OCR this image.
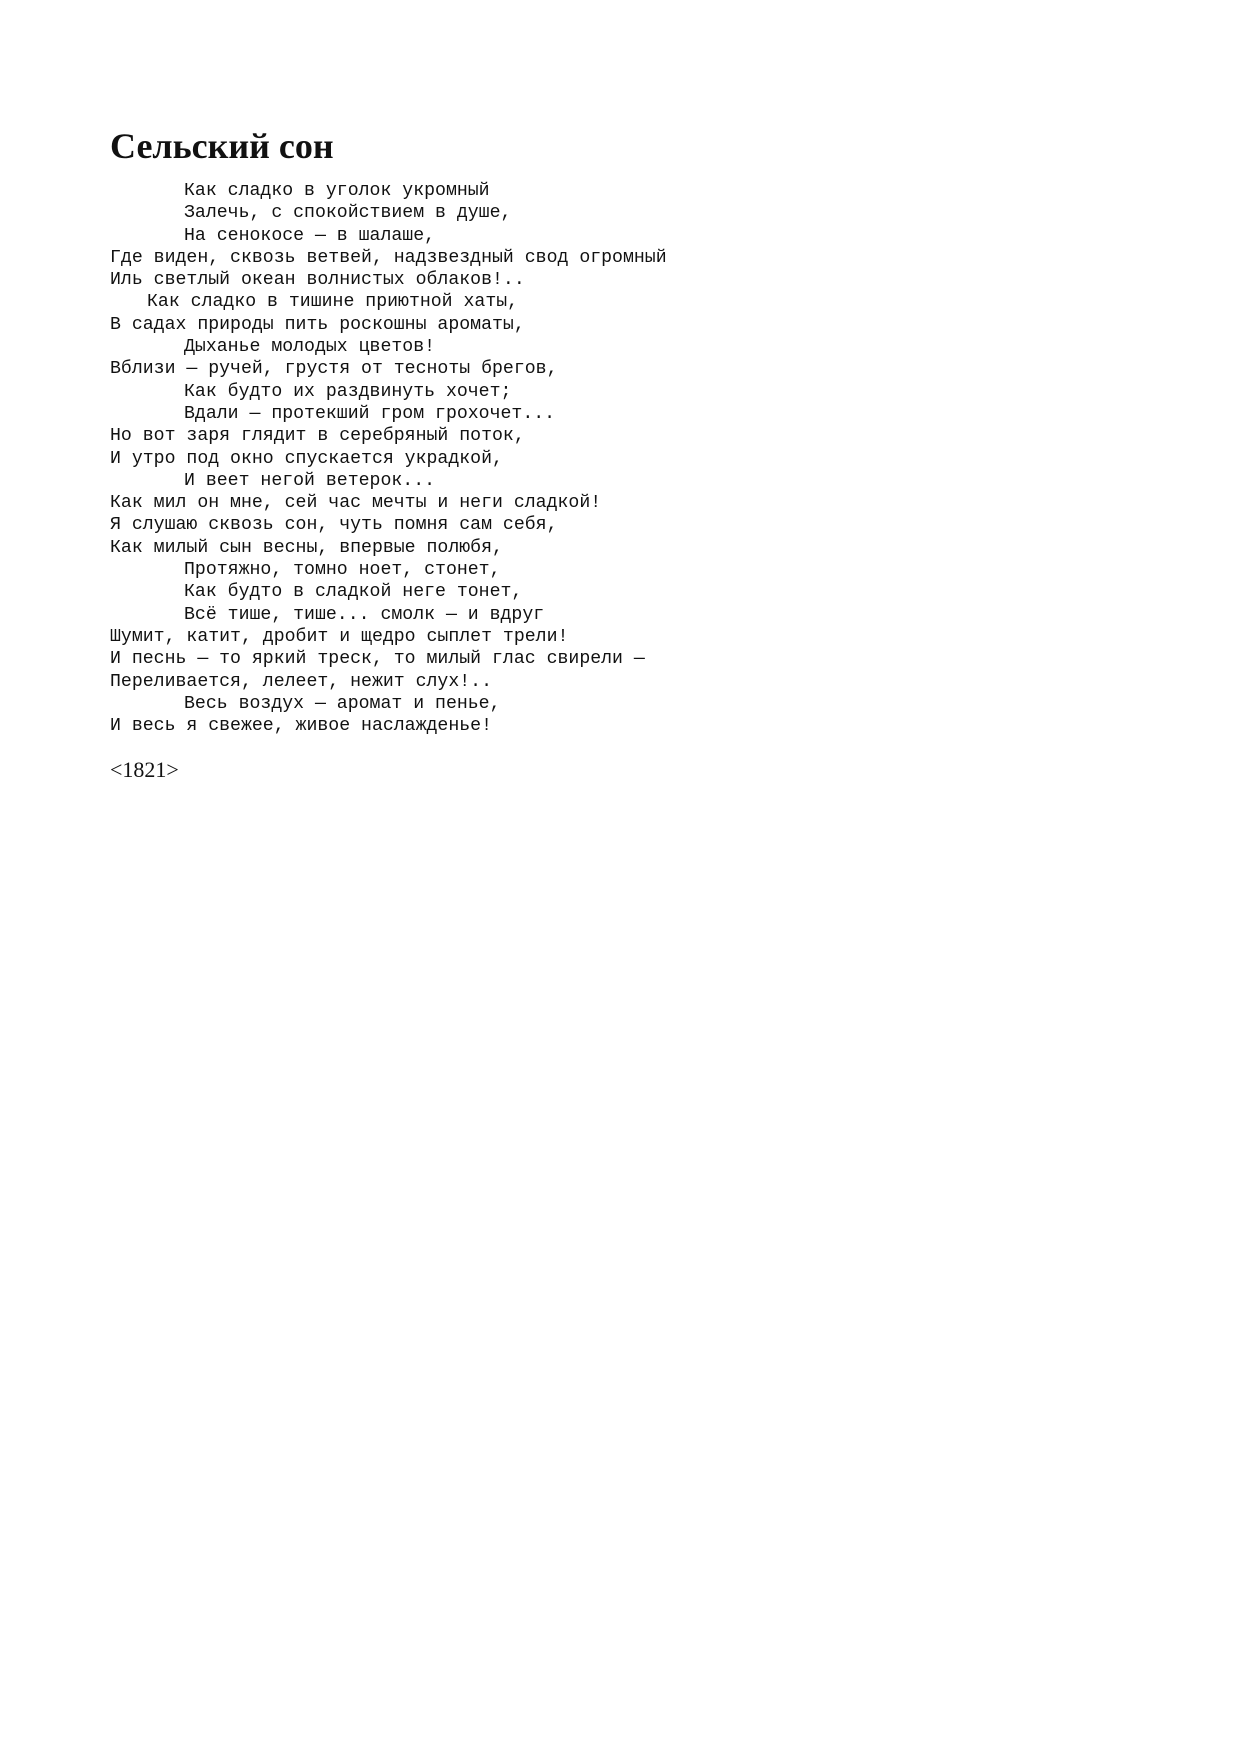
Сельский сон
Как сладко в уголок укромный
Залечь, с спокойствием в душе,
На сенокосе — в шалаше,
Где виден, сквозь ветвей, надзвездный свод огромный
Иль светлый океан волнистых облаков!..
Как сладко в тишине приютной хаты,
В садах природы пить роскошны ароматы,
Дыханье молодых цветов!
Вблизи — ручей, грустя от тесноты брегов,
Как будто их раздвинуть хочет;
Вдали — протекший гром грохочет...
Но вот заря глядит в серебряный поток,
И утро под окно спускается украдкой,
И веет негой ветерок...
Как мил он мне, сей час мечты и неги сладкой!
Я слушаю сквозь сон, чуть помня сам себя,
Как милый сын весны, впервые полюбя,
Протяжно, томно ноет, стонет,
Как будто в сладкой неге тонет,
Всё тише, тише... смолк — и вдруг
Шумит, катит, дробит и щедро сыплет трели!
И песнь — то яркий треск, то милый глас свирели —
Переливается, лелеет, нежит слух!..
Весь воздух — аромат и пенье,
И весь я свежее, живое наслажденье!
<1821>
